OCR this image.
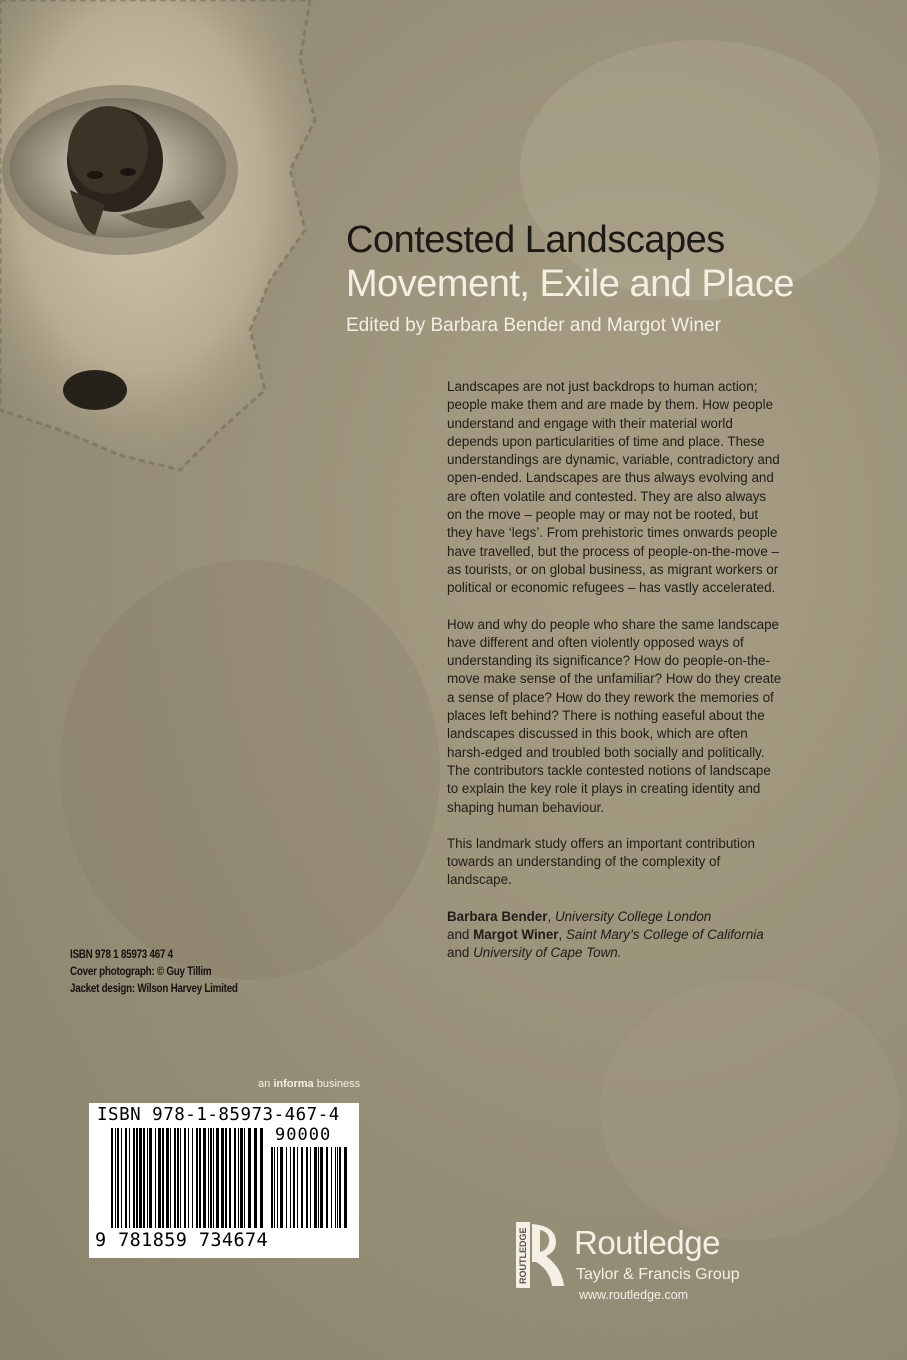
Contested Landscapes
Movement, Exile and Place
Edited by Barbara Bender and Margot Winer

Landscapes are not just backdrops to human action; people make them and are made by them. How people understand and engage with their material world depends upon particularities of time and place. These understandings are dynamic, variable, contradictory and open-ended. Landscapes are thus always evolving and are often volatile and contested. They are also always on the move – people may or may not be rooted, but they have ‘legs’. From prehistoric times onwards people have travelled, but the process of people-on-the-move – as tourists, or on global business, as migrant workers or political or economic refugees – has vastly accelerated.

How and why do people who share the same landscape have different and often violently opposed ways of understanding its significance? How do people-on-the-move make sense of the unfamiliar? How do they create a sense of place? How do they rework the memories of places left behind? There is nothing easeful about the landscapes discussed in this book, which are often harsh-edged and troubled both socially and politically. The contributors tackle contested notions of landscape to explain the key role it plays in creating identity and shaping human behaviour.

This landmark study offers an important contribution towards an understanding of the complexity of landscape.

Barbara Bender, University College London
and Margot Winer, Saint Mary’s College of California and University of Cape Town.

ISBN 978 1 85973 467 4
Cover photograph: © Guy Tillim
Jacket design: Wilson Harvey Limited
an informa business
ISBN 978-1-85973-467-4
90000
9 781859 734674	ROUTLEDGE Routledge
Taylor & Francis Group
www.routledge.com
